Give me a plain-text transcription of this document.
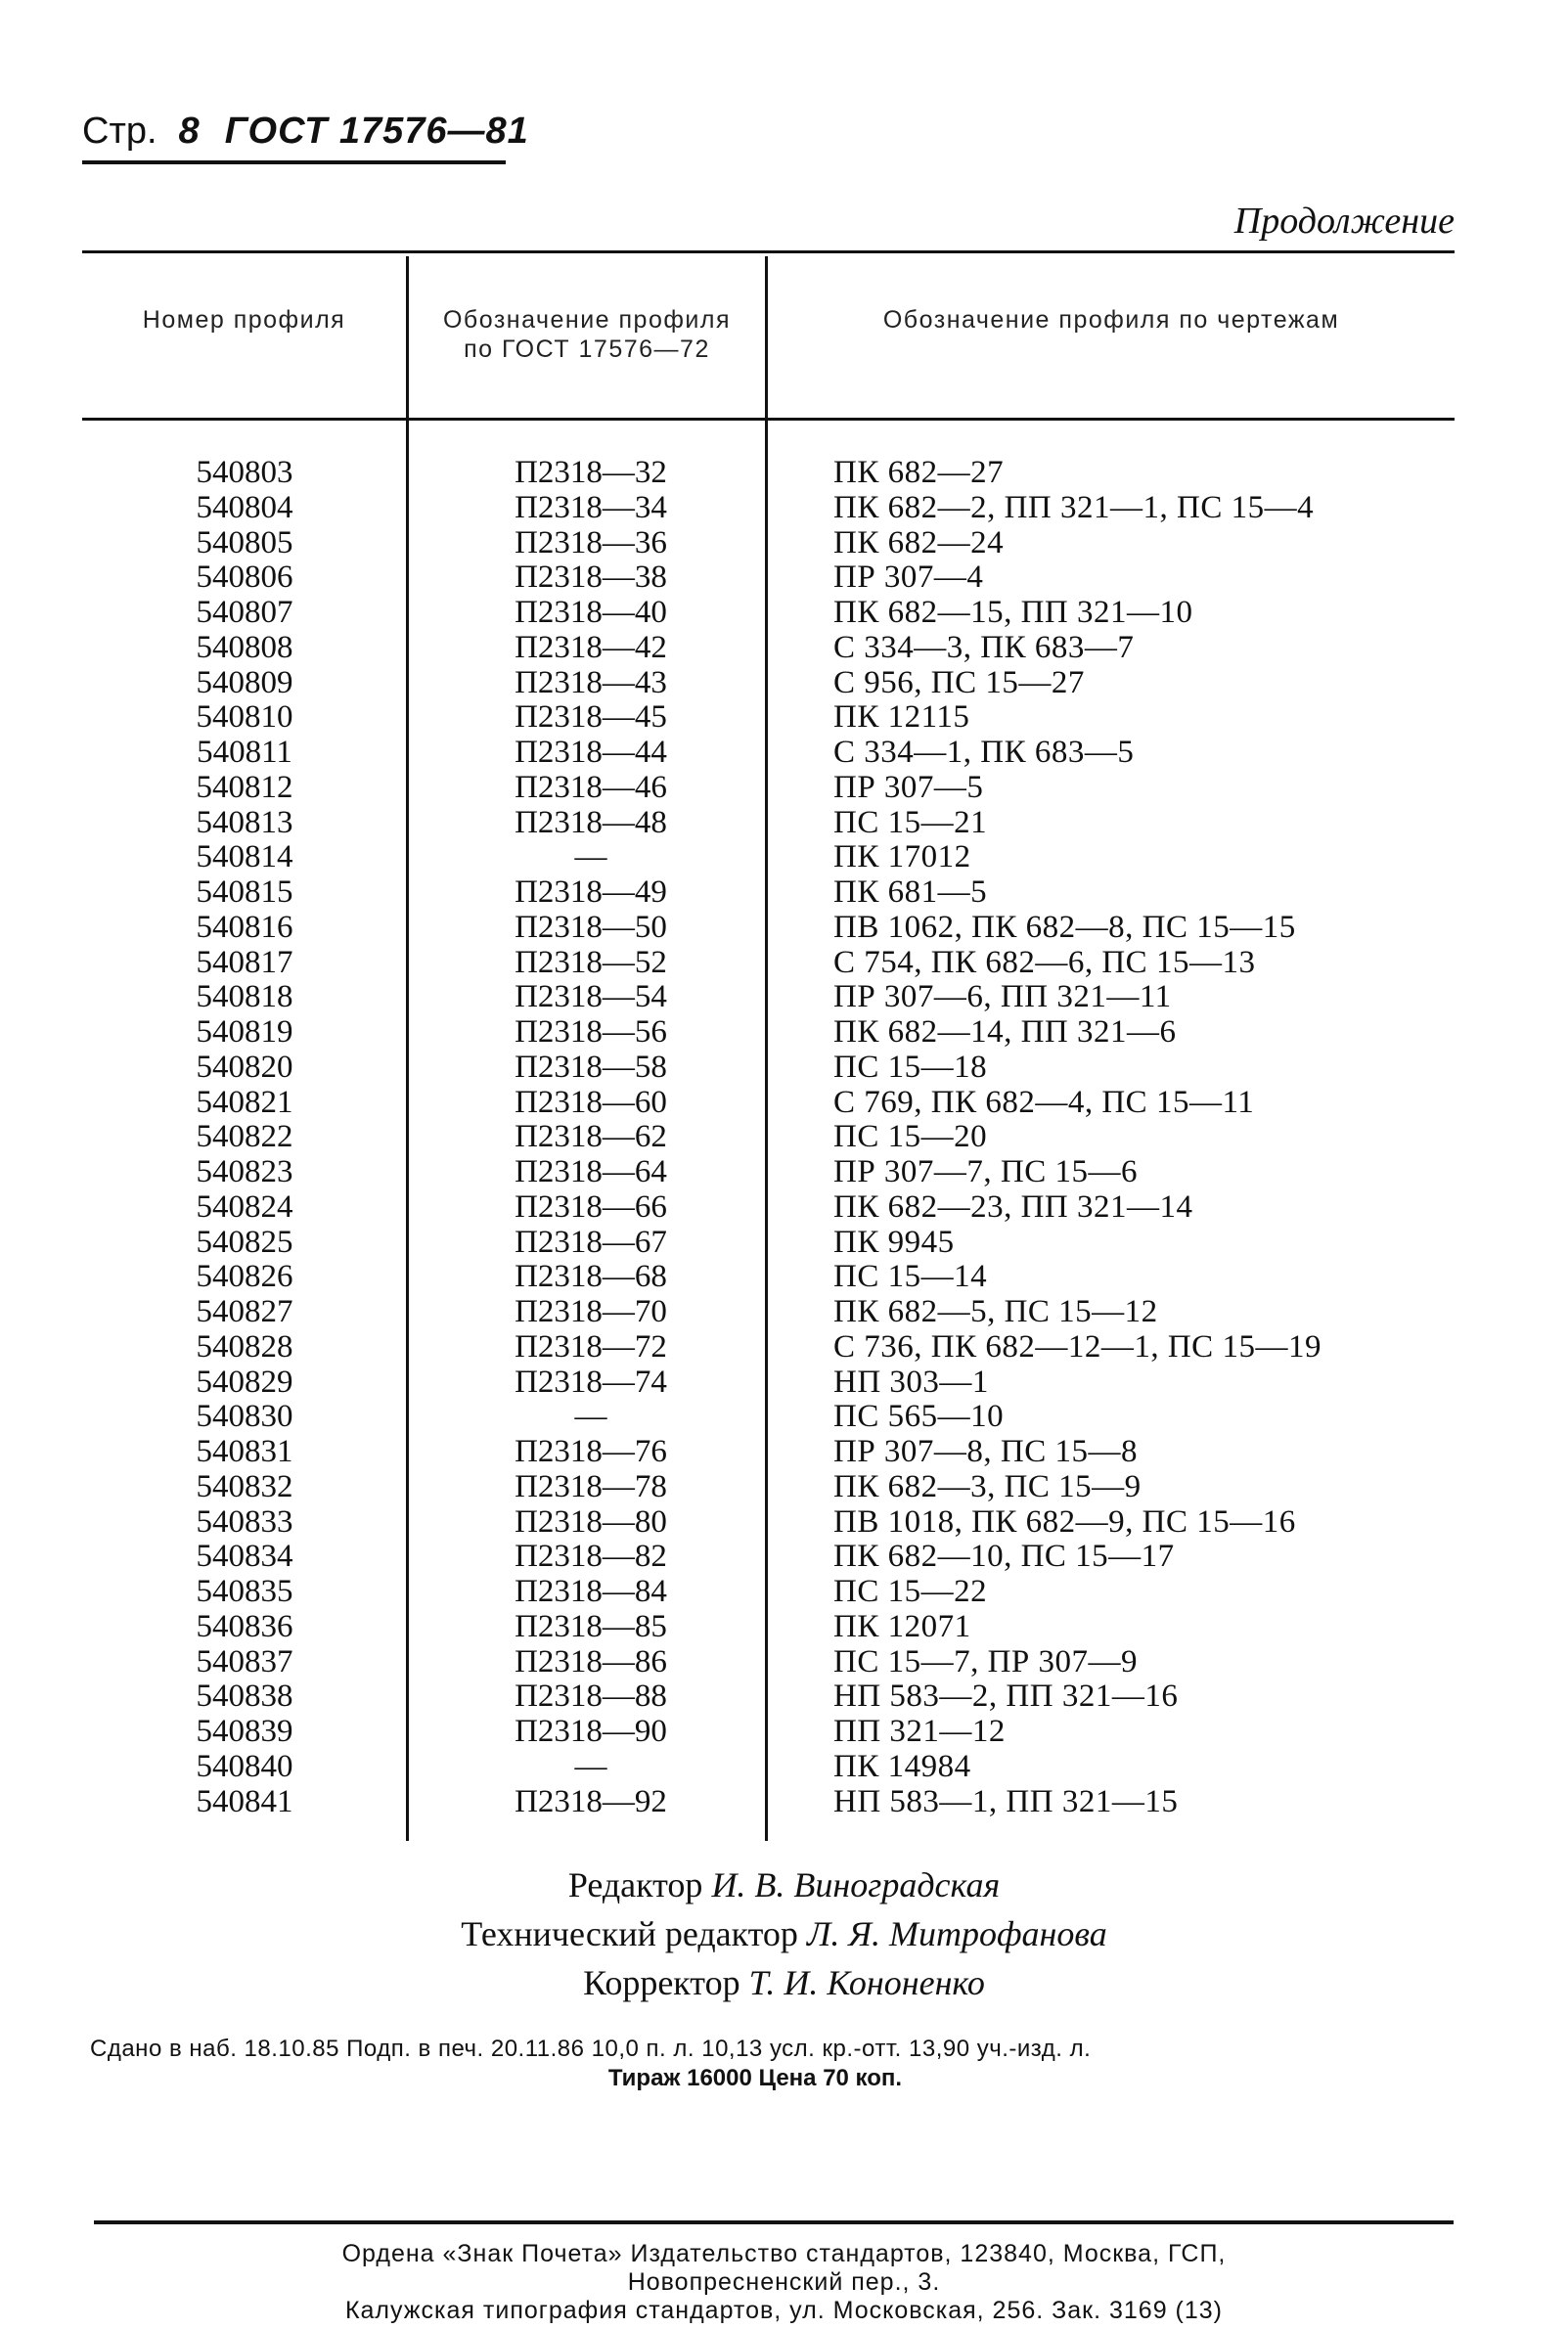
Стр. 8 ГОСТ 17576—81
Продолжение
Номер профиля	Обозначение профиля
по ГОСТ 17576—72
Обозначение профиля по чертежам
540803
540804
540805
540806
540807
540808
540809
540810
540811
540812
540813
540814
540815
540816
540817
540818
540819
540820
540821
540822
540823
540824
540825
540826
540827
540828
540829
540830
540831
540832
540833
540834
540835
540836
540837
540838
540839
540840
540841
П2318—32
П2318—34
П2318—36
П2318—38
П2318—40
П2318—42
П2318—43
П2318—45
П2318—44
П2318—46
П2318—48
—
П2318—49
П2318—50
П2318—52
П2318—54
П2318—56
П2318—58
П2318—60
П2318—62
П2318—64
П2318—66
П2318—67
П2318—68
П2318—70
П2318—72
П2318—74
—
П2318—76
П2318—78
П2318—80
П2318—82
П2318—84
П2318—85
П2318—86
П2318—88
П2318—90
—
П2318—92
ПК 682—27
ПК 682—2, ПП 321—1, ПС 15—4
ПК 682—24
ПР 307—4
ПК 682—15, ПП 321—10
С 334—3, ПК 683—7
С 956, ПС 15—27
ПК 12115
С 334—1, ПК 683—5
ПР 307—5
ПС 15—21
ПК 17012
ПК 681—5
ПВ 1062, ПК 682—8, ПС 15—15
С 754, ПК 682—6, ПС 15—13
ПР 307—6, ПП 321—11
ПК 682—14, ПП 321—6
ПС 15—18
С 769, ПК 682—4, ПС 15—11
ПС 15—20
ПР 307—7, ПС 15—6
ПК 682—23, ПП 321—14
ПК 9945
ПС 15—14
ПК 682—5, ПС 15—12
С 736, ПК 682—12—1, ПС 15—19
НП 303—1
ПС 565—10
ПР 307—8, ПС 15—8
ПК 682—3, ПС 15—9
ПВ 1018, ПК 682—9, ПС 15—16
ПК 682—10, ПС 15—17
ПС 15—22
ПК 12071
ПС 15—7, ПР 307—9
НП 583—2, ПП 321—16
ПП 321—12
ПК 14984
НП 583—1, ПП 321—15
Редактор И. В. Виноградская
Технический редактор Л. Я. Митрофанова
Корректор Т. И. Кононенко
Сдано в наб. 18.10.85 Подп. в печ. 20.11.86 10,0 п. л. 10,13 усл. кр.-отт. 13,90 уч.-изд. л.
Тираж 16000 Цена 70 коп.
Ордена «Знак Почета» Издательство стандартов, 123840, Москва, ГСП,
Новопресненский пер., 3.
Калужская типография стандартов, ул. Московская, 256. Зак. 3169 (13)
